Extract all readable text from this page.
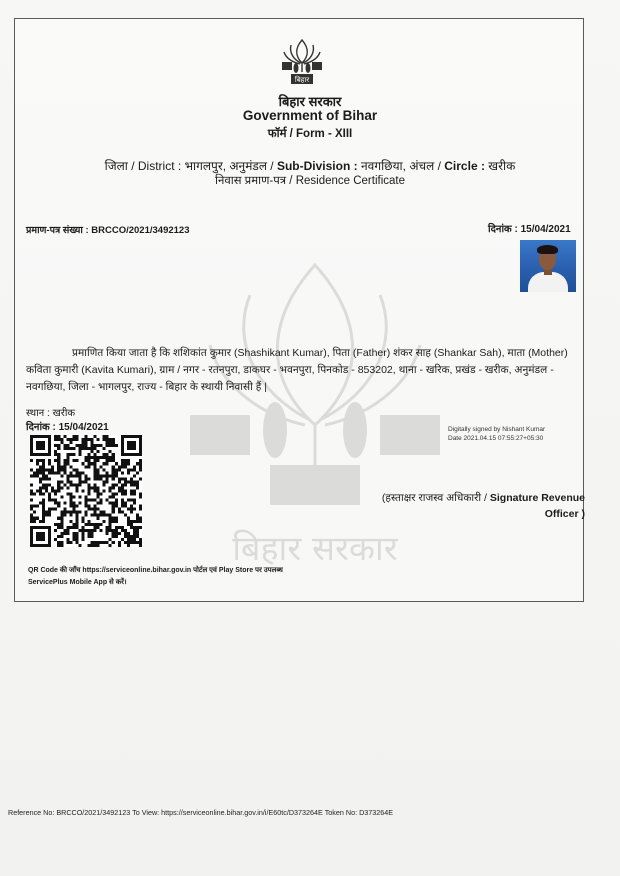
बिहार सरकार
बिहार
बिहार सरकार
Government of Bihar
फॉर्म / Form - XIII
जिला / District : भागलपुर, अनुमंडल / Sub-Division : नवगछिया, अंचल / Circle : खरीक
निवास प्रमाण-पत्र / Residence Certificate
प्रमाण-पत्र संख्या : BRCCO/2021/3492123	दिनांक : 15/04/2021
प्रमाणित किया जाता है कि शशिकांत कुमार (Shashikant Kumar), पिता (Father) शंकर साह (Shankar Sah), माता (Mother) कविता कुमारी (Kavita Kumari), ग्राम / नगर - रतनपुरा, डाकघर - भवनपुरा, पिनकोड - 853202, थाना - खरिक, प्रखंड - खरीक, अनुमंडल - नवगछिया, जिला - भागलपुर, राज्य - बिहार के स्थायी निवासी हैं |
स्थान : खरीक
दिनांक : 15/04/2021	Digitally signed by Nishant Kumar
Date 2021.04.15 07:55:27+05:30
(हस्ताक्षर राजस्व अधिकारी / Signature Revenue
Officer )
QR Code की जाँच https://serviceonline.bihar.gov.in पोर्टल एवं Play Store पर उपलब्ध
ServicePlus Mobile App से करें।
Reference No: BRCCO/2021/3492123 To View: https://serviceonline.bihar.gov.in/i/E60tc/D373264E Token No: D373264E
